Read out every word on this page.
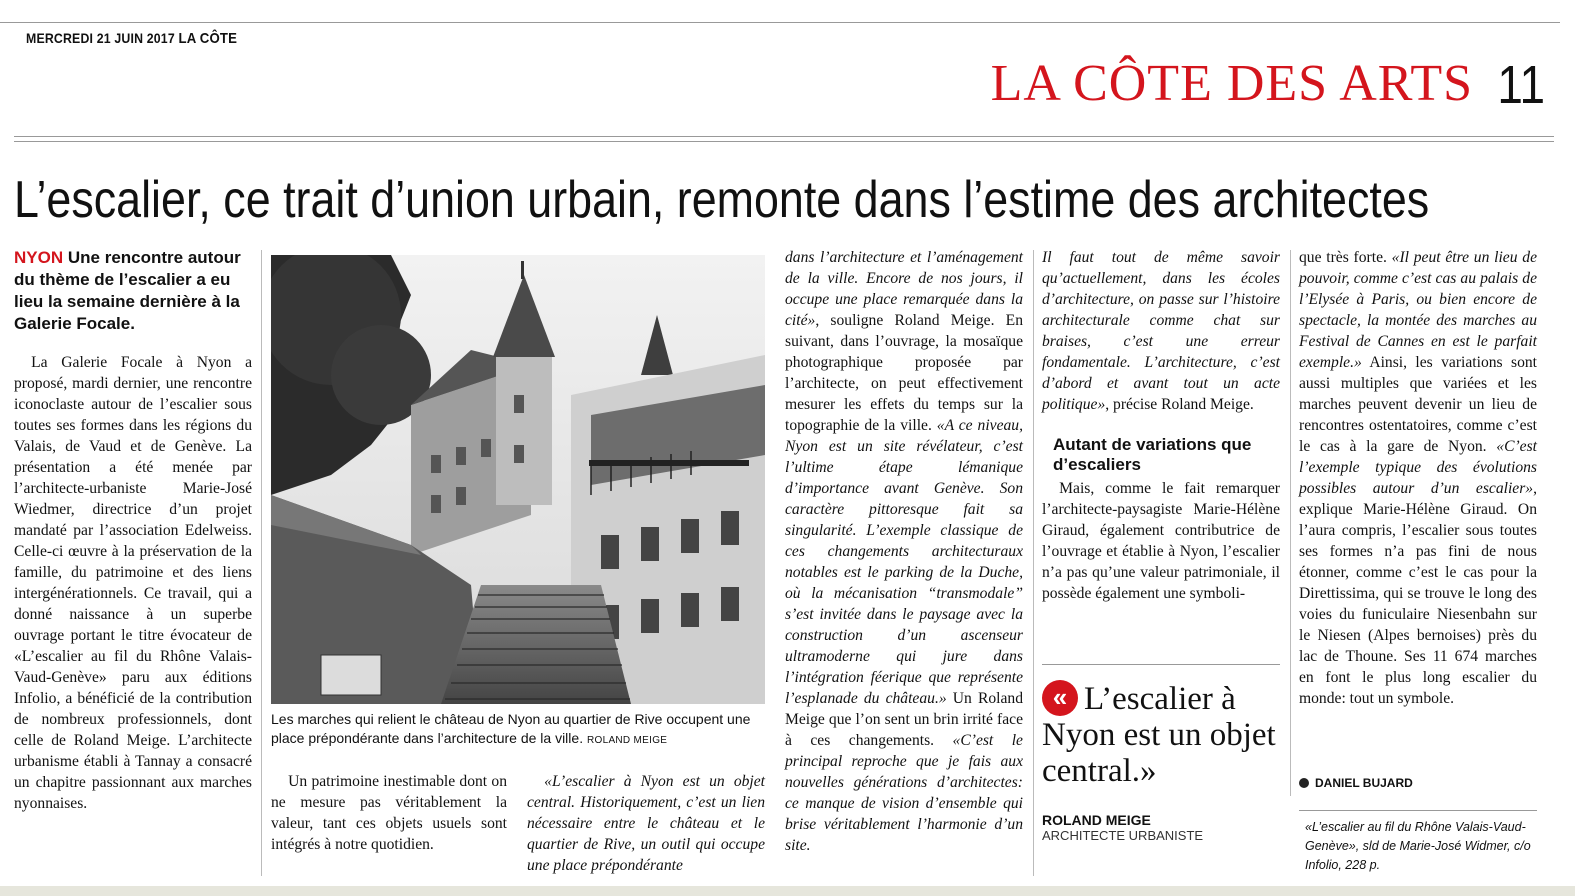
MERCREDI 21 JUIN 2017 LA CÔTE
LA CÔTE DES ARTS 11
L’escalier, ce trait d’union urbain, remonte dans l’estime des architectes
NYON Une rencontre autour du thème de l’escalier a eu lieu la semaine dernière à la Galerie Focale.

La Galerie Focale à Nyon a proposé, mardi dernier, une rencontre iconoclaste autour de l’escalier sous toutes ses formes dans les régions du Valais, de Vaud et de Genève. La présentation a été menée par l’architecte-urbaniste Marie-José Wiedmer, directrice d’un projet mandaté par l’association Edelweiss. Celle-ci œuvre à la préservation de la famille, du patrimoine et des liens intergénérationnels. Ce travail, qui a donné naissance à un superbe ouvrage portant le titre évocateur de «L’escalier au fil du Rhône Valais-Vaud-Genève» paru aux éditions Infolio, a bénéficié de la contribution de nombreux professionnels, dont celle de Roland Meige. L’architecte urbanisme établi à Tannay a consacré un chapitre passionnant aux marches nyonnaises.

Les marches qui relient le château de Nyon au quartier de Rive occupent une place prépondérante dans l’architecture de la ville. ROLAND MEIGE

Un patrimoine inestimable dont on ne mesure pas véritablement la valeur, tant ces objets usuels sont intégrés à notre quotidien.

«L’escalier à Nyon est un objet central. Historiquement, c’est un lien nécessaire entre le château et le quartier de Rive, un outil qui occupe une place prépondérante

dans l’architecture et l’aménagement de la ville. Encore de nos jours, il occupe une place remarquée dans la cité», souligne Roland Meige. En suivant, dans l’ouvrage, la mosaïque photographique proposée par l’architecte, on peut effectivement mesurer les effets du temps sur la topographie de la ville. «A ce niveau, Nyon est un site révélateur, c’est l’ultime étape lémanique d’importance avant Genève. Son caractère pittoresque fait sa singularité. L’exemple classique de ces changements architecturaux notables est le parking de la Duche, où la mécanisation “transmodale” s’est invitée dans le paysage avec la construction d’un ascenseur ultramoderne qui jure dans l’intégration féerique que représente l’esplanade du château.» Un Roland Meige que l’on sent un brin irrité face à ces changements. «C’est le principal reproche que je fais aux nouvelles générations d’architectes: ce manque de vision d’ensemble qui brise véritablement l’harmonie d’un site.

Il faut tout de même savoir qu’actuellement, dans les écoles d’architecture, on passe sur l’histoire architecturale comme chat sur braises, c’est une erreur fondamentale. L’architecture, c’est d’abord et avant tout un acte politique», précise Roland Meige.

Autant de variations que d’escaliers

Mais, comme le fait remarquer l’architecte-paysagiste Marie-Hélène Giraud, également contributrice de l’ouvrage et établie à Nyon, l’escalier n’a pas qu’une valeur patrimoniale, il possède également une symboli-

« L’escalier à Nyon est un objet central.»
ROLAND MEIGE
ARCHITECTE URBANISTE

que très forte. «Il peut être un lieu de pouvoir, comme c’est cas au palais de l’Elysée à Paris, ou bien encore de spectacle, la montée des marches au Festival de Cannes en est le parfait exemple.» Ainsi, les variations sont aussi multiples que variées et les marches peuvent devenir un lieu de rencontres ostentatoires, comme c’est le cas à la gare de Nyon. «C’est l’exemple typique des évolutions possibles autour d’un escalier», explique Marie-Hélène Giraud. On l’aura compris, l’escalier sous toutes ses formes n’a pas fini de nous étonner, comme c’est le cas pour la Direttissima, qui se trouve le long des voies du funiculaire Niesenbahn sur le Niesen (Alpes bernoises) près du lac de Thoune. Ses 11 674 marches en font le plus long escalier du monde: tout un symbole.

DANIEL BUJARD
«L’escalier au fil du Rhône Valais-Vaud-Genève», sld de Marie-José Widmer, c/o Infolio, 228 p.
